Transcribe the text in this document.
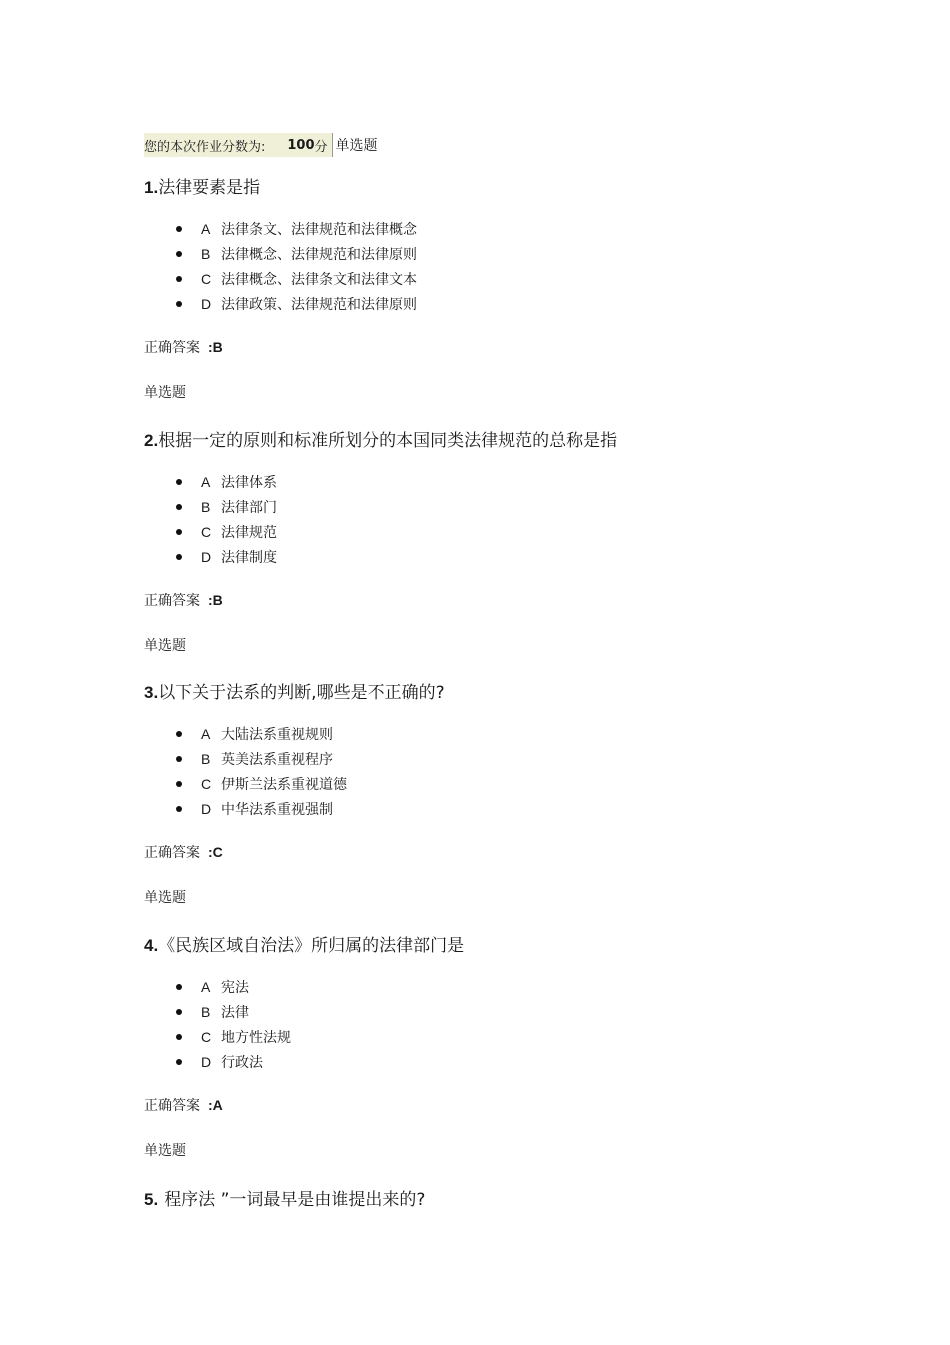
您的本次作业分数为: 100 分 单选题
1.法律要素是指
A 法律条文、法律规范和法律概念
B 法律概念、法律规范和法律原则
C 法律概念、法律条文和法律文本
D 法律政策、法律规范和法律原则
正确答案 :B
单选题
2.根据一定的原则和标准所划分的本国同类法律规范的总称是指
A 法律体系
B 法律部门
C 法律规范
D 法律制度
正确答案 :B
单选题
3.以下关于法系的判断,哪些是不正确的?
A 大陆法系重视规则
B 英美法系重视程序
C 伊斯兰法系重视道德
D 中华法系重视强制
正确答案 :C
单选题
4.《民族区域自治法》所归属的法律部门是
A 宪法
B 法律
C 地方性法规
D 行政法
正确答案 :A
单选题
5. 程序法 ”一词最早是由谁提出来的?
